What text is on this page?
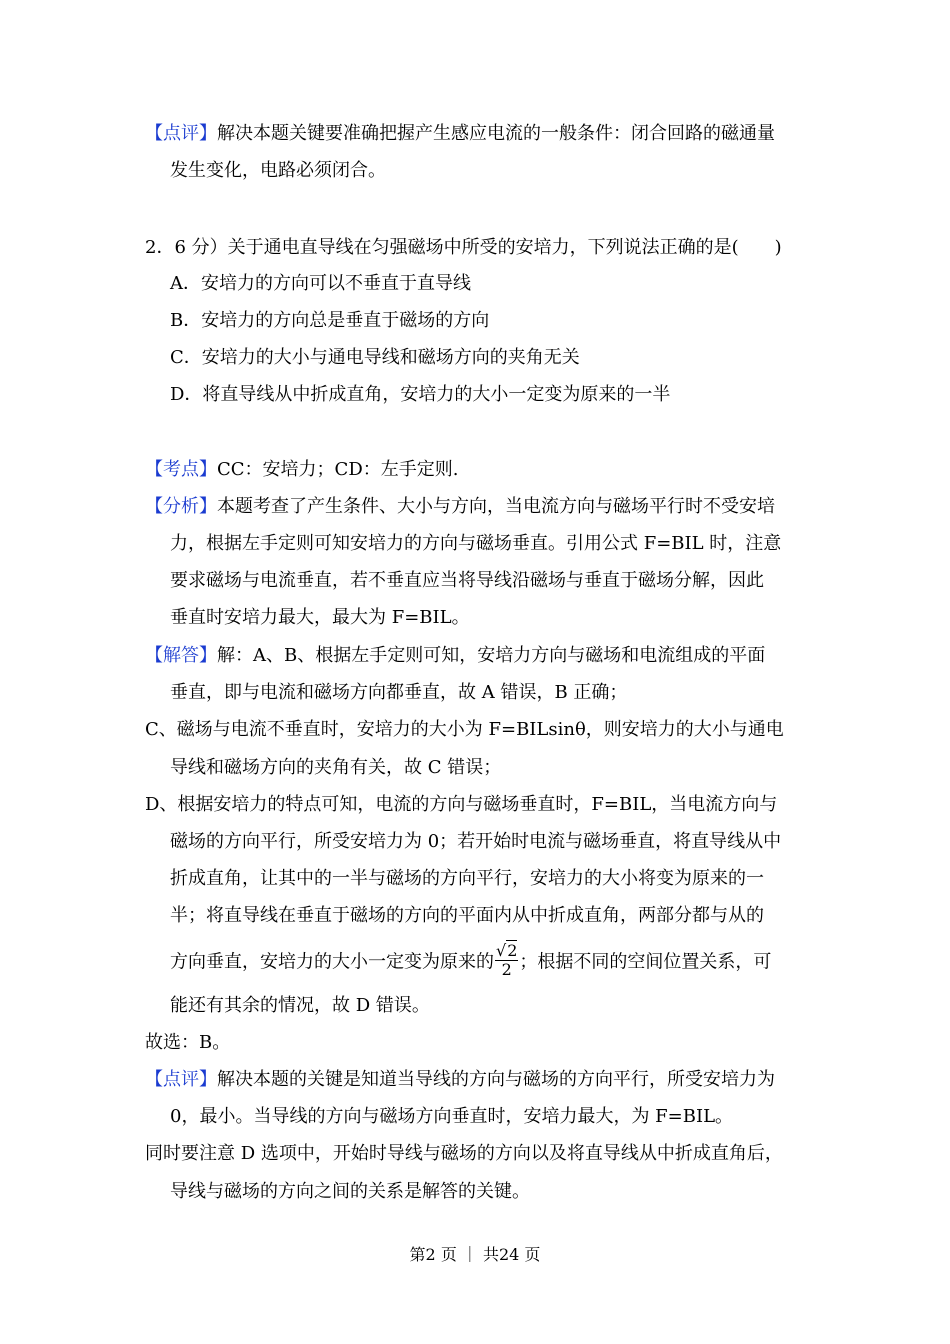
【点评】解决本题关键要准确把握产生感应电流的一般条件：闭合回路的磁通量
发生变化，电路必须闭合。
2．6 分）关于通电直导线在匀强磁场中所受的安培力，下列说法正确的是(　　)
A．安培力的方向可以不垂直于直导线
B．安培力的方向总是垂直于磁场的方向
C．安培力的大小与通电导线和磁场方向的夹角无关
D．将直导线从中折成直角，安培力的大小一定变为原来的一半
【考点】CC：安培力；CD：左手定则.
【分析】本题考查了产生条件、大小与方向，当电流方向与磁场平行时不受安培
力，根据左手定则可知安培力的方向与磁场垂直。引用公式 F=BIL 时，注意
要求磁场与电流垂直，若不垂直应当将导线沿磁场与垂直于磁场分解，因此
垂直时安培力最大，最大为 F=BIL。
【解答】解：A、B、根据左手定则可知，安培力方向与磁场和电流组成的平面
垂直，即与电流和磁场方向都垂直，故 A 错误，B 正确；
C、磁场与电流不垂直时，安培力的大小为 F=BILsinθ，则安培力的大小与通电
导线和磁场方向的夹角有关，故 C 错误；
D、根据安培力的特点可知，电流的方向与磁场垂直时，F=BIL，当电流方向与
磁场的方向平行，所受安培力为 0；若开始时电流与磁场垂直，将直导线从中
折成直角，让其中的一半与磁场的方向平行，安培力的大小将变为原来的一
半；将直导线在垂直于磁场的方向的平面内从中折成直角，两部分都与从的
方向垂直，安培力的大小一定变为原来的 $\frac{√2}{2}$ ；根据不同的空间位置关系，可
能还有其余的情况，故 D 错误。
故选：B。
【点评】解决本题的关键是知道当导线的方向与磁场的方向平行，所受安培力为
0，最小。当导线的方向与磁场方向垂直时，安培力最大，为 F=BIL。
同时要注意 D 选项中，开始时导线与磁场的方向以及将直导线从中折成直角后，
导线与磁场的方向之间的关系是解答的关键。
第2 页 ｜ 共24 页
